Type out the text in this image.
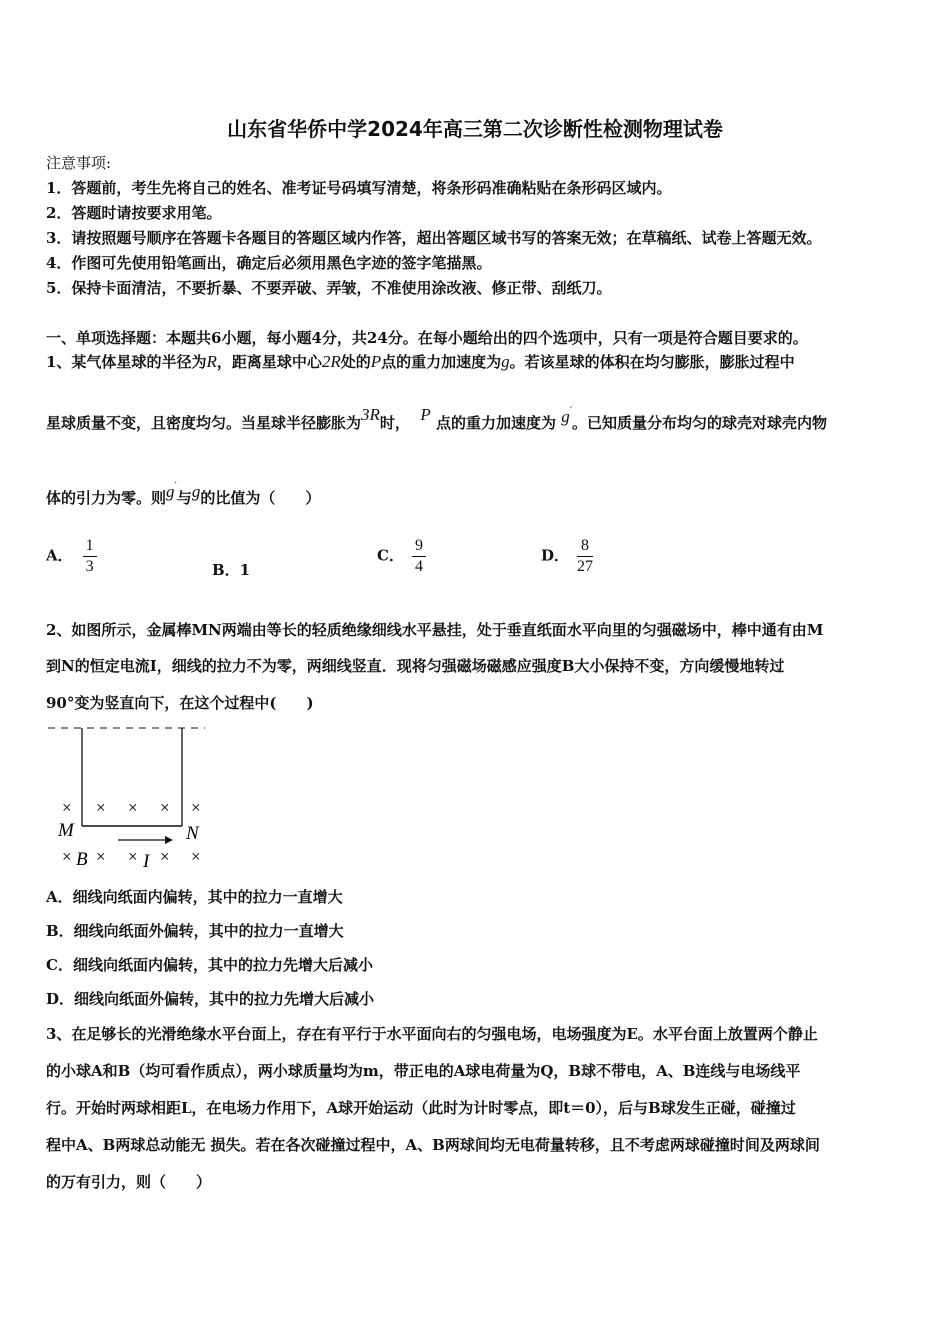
山东省华侨中学2024年高三第二次诊断性检测物理试卷
注意事项:
1．答题前，考生先将自己的姓名、准考证号码填写清楚，将条形码准确粘贴在条形码区域内。
2．答题时请按要求用笔。
3．请按照题号顺序在答题卡各题目的答题区域内作答，超出答题区域书写的答案无效；在草稿纸、试卷上答题无效。
4．作图可先使用铅笔画出，确定后必须用黑色字迹的签字笔描黑。
5．保持卡面清洁，不要折暴、不要弄破、弄皱，不准使用涂改液、修正带、刮纸刀。
一、单项选择题：本题共6小题，每小题4分，共24分。在每小题给出的四个选项中，只有一项是符合题目要求的。
1、某气体星球的半径为R，距离星球中心2R处的P点的重力加速度为g。若该星球的体积在均匀膨胀，膨胀过程中
星球质量不变，且密度均匀。当星球半径膨胀为3R时， P 点的重力加速度为 g′。已知质量分布均匀的球壳对球壳内物
体的引力为零。则g′与g的比值为（　　）
A． $\frac{1}{3}$	B．1
C． $\frac{9}{4}$	D． $\frac{8}{27}$
2、如图所示，金属棒MN两端由等长的轻质绝缘细线水平悬挂，处于垂直纸面水平向里的匀强磁场中，棒中通有由M
到N的恒定电流I，细线的拉力不为零，两细线竖直．现将匀强磁场磁感应强度B大小保持不变，方向缓慢地转过
90°变为竖直向下，在这个过程中(　　)
× × × × ×
M	N
× B × × I × ×
A．细线向纸面内偏转，其中的拉力一直增大
B．细线向纸面外偏转，其中的拉力一直增大
C．细线向纸面内偏转，其中的拉力先增大后减小
D．细线向纸面外偏转，其中的拉力先增大后减小
3、在足够长的光滑绝缘水平台面上，存在有平行于水平面向右的匀强电场，电场强度为E。水平台面上放置两个静止
的小球A和B（均可看作质点），两小球质量均为m，带正电的A球电荷量为Q，B球不带电，A、B连线与电场线平
行。开始时两球相距L，在电场力作用下，A球开始运动（此时为计时零点，即t＝0），后与B球发生正碰，碰撞过
程中A、B两球总动能无 损失。若在各次碰撞过程中，A、B两球间均无电荷量转移，且不考虑两球碰撞时间及两球间
的万有引力，则（　　）
